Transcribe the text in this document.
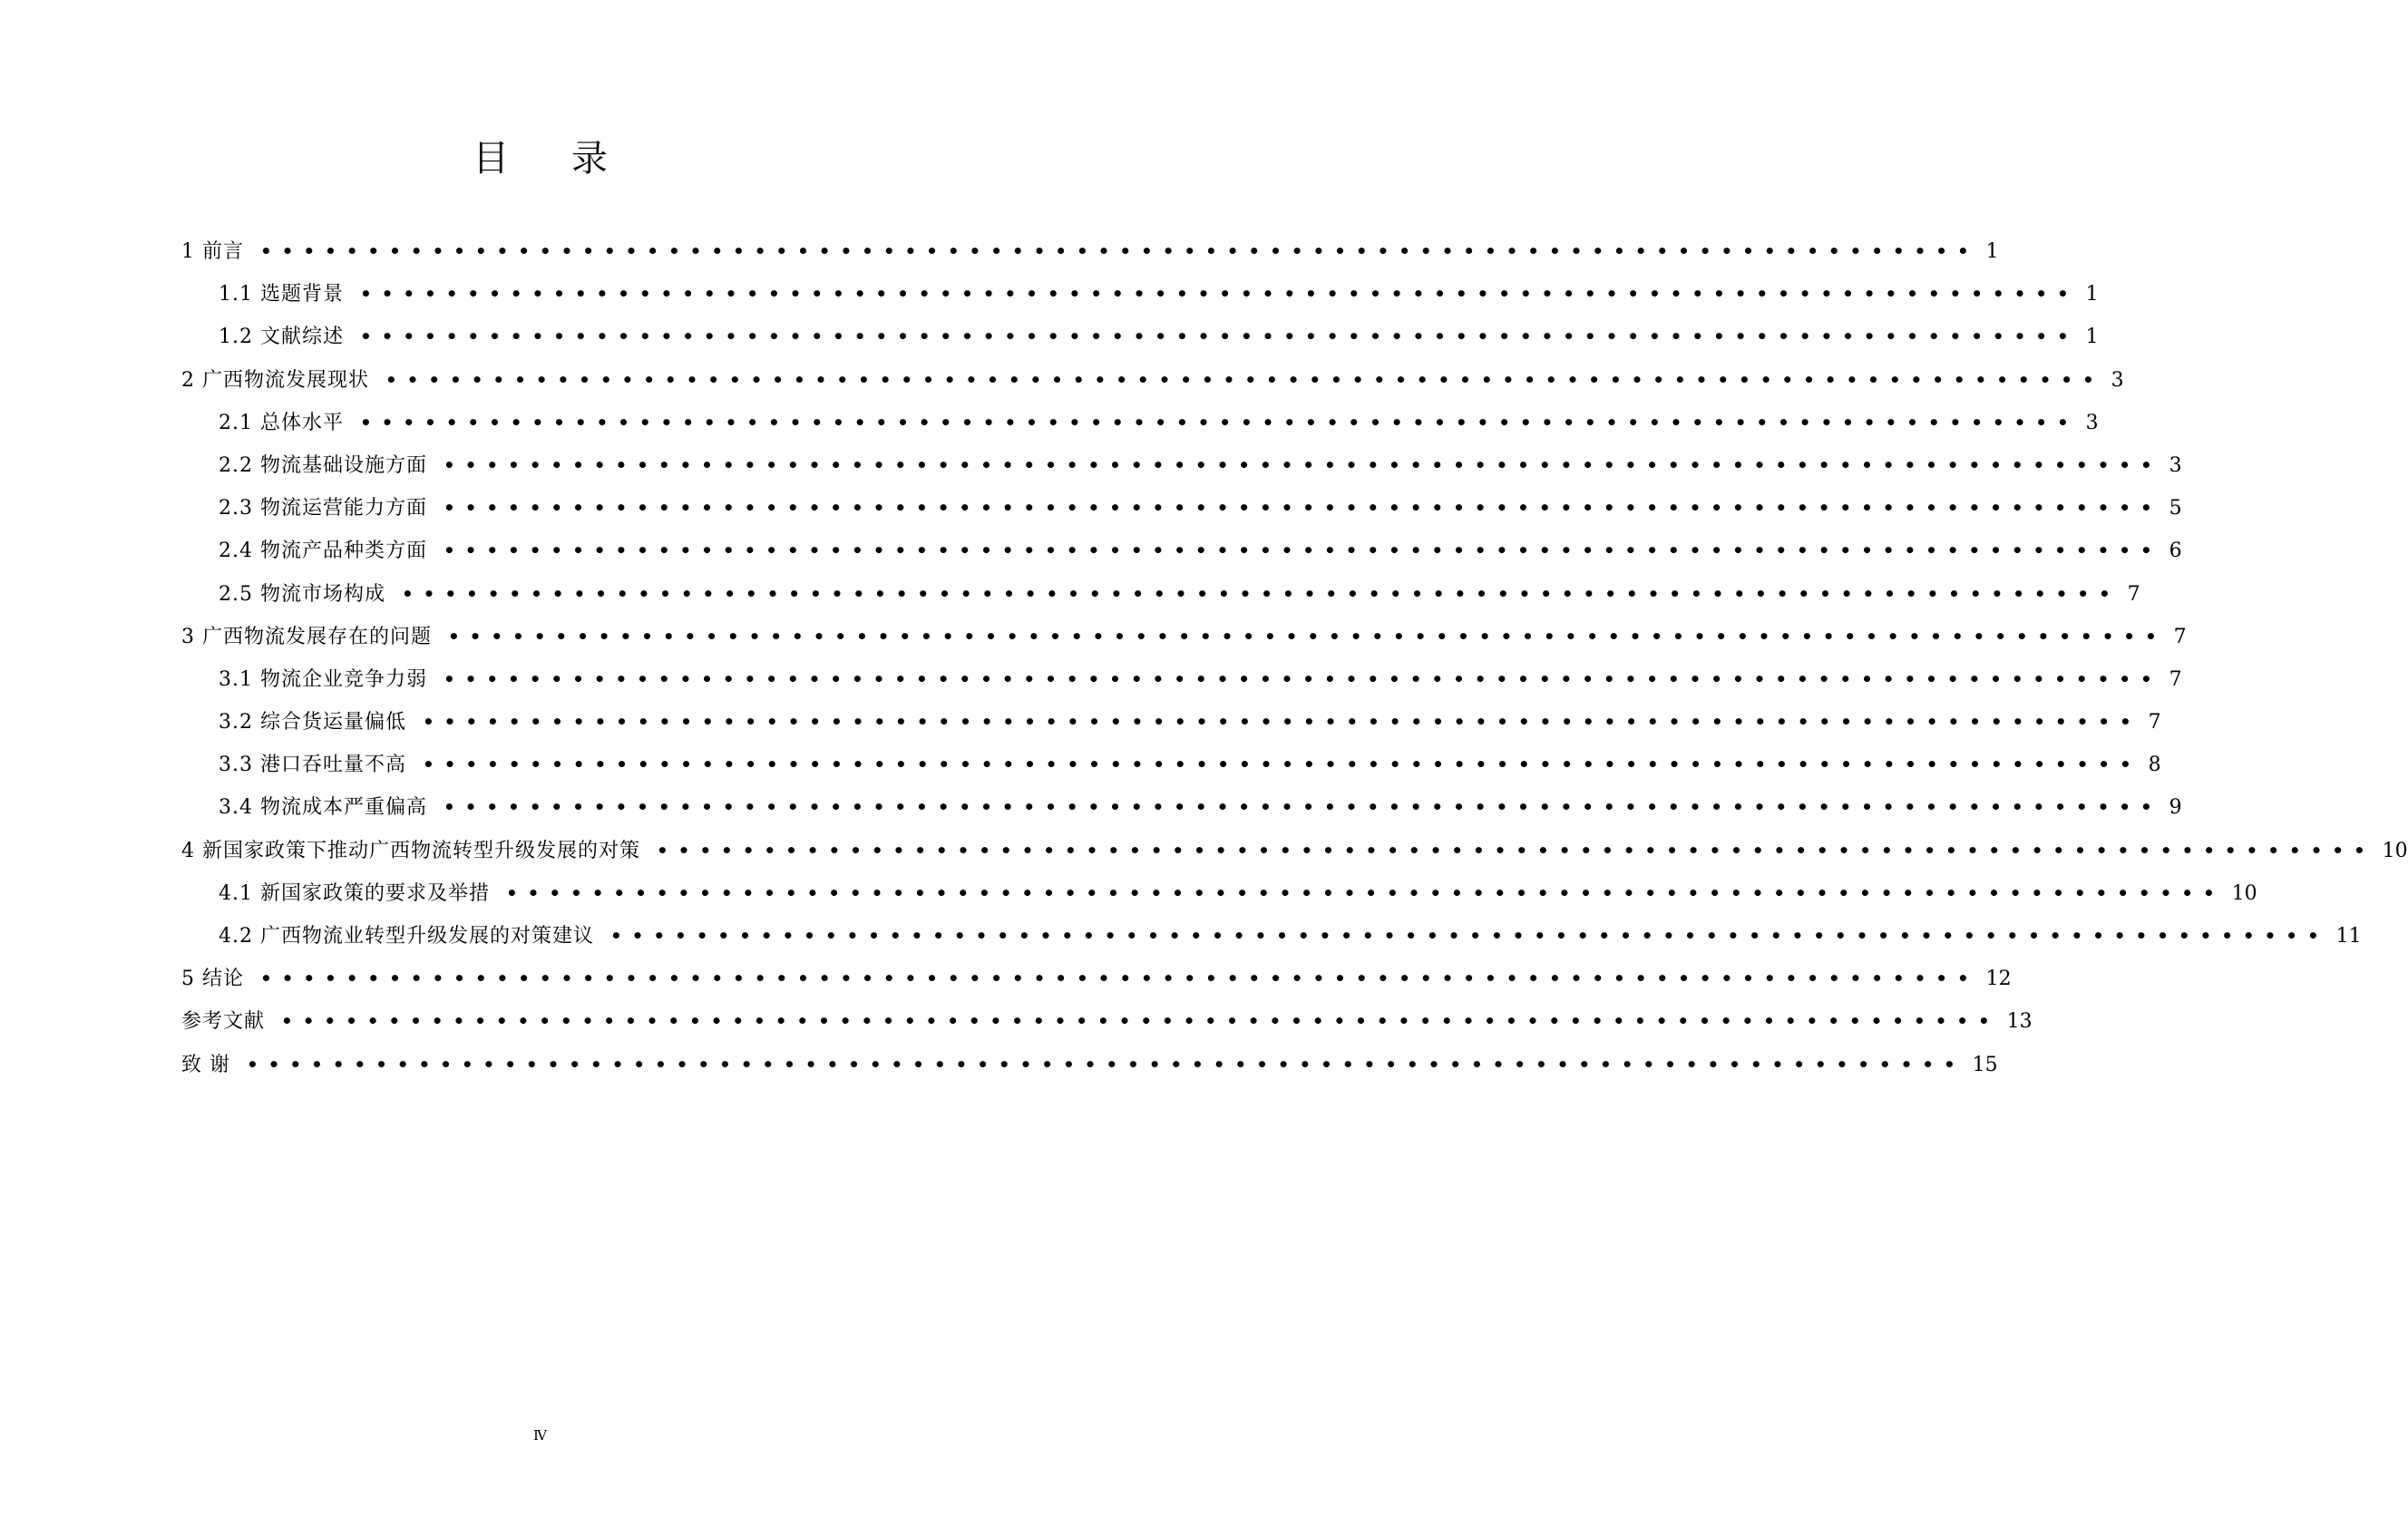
目 录
1 前言 •••••••••••••••••••••••••••••••••••••••••••••••••••••••••••••••••••••••••••••••• 1
1.1 选题背景 •••••••••••••••••••••••••••••••••••••••••••••••••••••••••••••••••••••••••••••••• 1
1.2 文献综述 •••••••••••••••••••••••••••••••••••••••••••••••••••••••••••••••••••••••••••••••• 1
2 广西物流发展现状 •••••••••••••••••••••••••••••••••••••••••••••••••••••••••••••••••••••••••••••••• 3
2.1 总体水平 •••••••••••••••••••••••••••••••••••••••••••••••••••••••••••••••••••••••••••••••• 3
2.2 物流基础设施方面 •••••••••••••••••••••••••••••••••••••••••••••••••••••••••••••••••••••••••••••••• 3
2.3 物流运营能力方面 •••••••••••••••••••••••••••••••••••••••••••••••••••••••••••••••••••••••••••••••• 5
2.4 物流产品种类方面 •••••••••••••••••••••••••••••••••••••••••••••••••••••••••••••••••••••••••••••••• 6
2.5 物流市场构成 •••••••••••••••••••••••••••••••••••••••••••••••••••••••••••••••••••••••••••••••• 7
3 广西物流发展存在的问题 •••••••••••••••••••••••••••••••••••••••••••••••••••••••••••••••••••••••••••••••• 7
3.1 物流企业竞争力弱 •••••••••••••••••••••••••••••••••••••••••••••••••••••••••••••••••••••••••••••••• 7
3.2 综合货运量偏低 •••••••••••••••••••••••••••••••••••••••••••••••••••••••••••••••••••••••••••••••• 7
3.3 港口吞吐量不高 •••••••••••••••••••••••••••••••••••••••••••••••••••••••••••••••••••••••••••••••• 8
3.4 物流成本严重偏高 •••••••••••••••••••••••••••••••••••••••••••••••••••••••••••••••••••••••••••••••• 9
4 新国家政策下推动广西物流转型升级发展的对策 •••••••••••••••••••••••••••••••••••••••••••••••••••••••••••••••••••••••••••••••• 10
4.1 新国家政策的要求及举措 •••••••••••••••••••••••••••••••••••••••••••••••••••••••••••••••••••••••••••••••• 10
4.2 广西物流业转型升级发展的对策建议 •••••••••••••••••••••••••••••••••••••••••••••••••••••••••••••••••••••••••••••••• 11
5 结论 •••••••••••••••••••••••••••••••••••••••••••••••••••••••••••••••••••••••••••••••• 12
参考文献 •••••••••••••••••••••••••••••••••••••••••••••••••••••••••••••••••••••••••••••••• 13
致 谢 •••••••••••••••••••••••••••••••••••••••••••••••••••••••••••••••••••••••••••••••• 15
Ⅳ
